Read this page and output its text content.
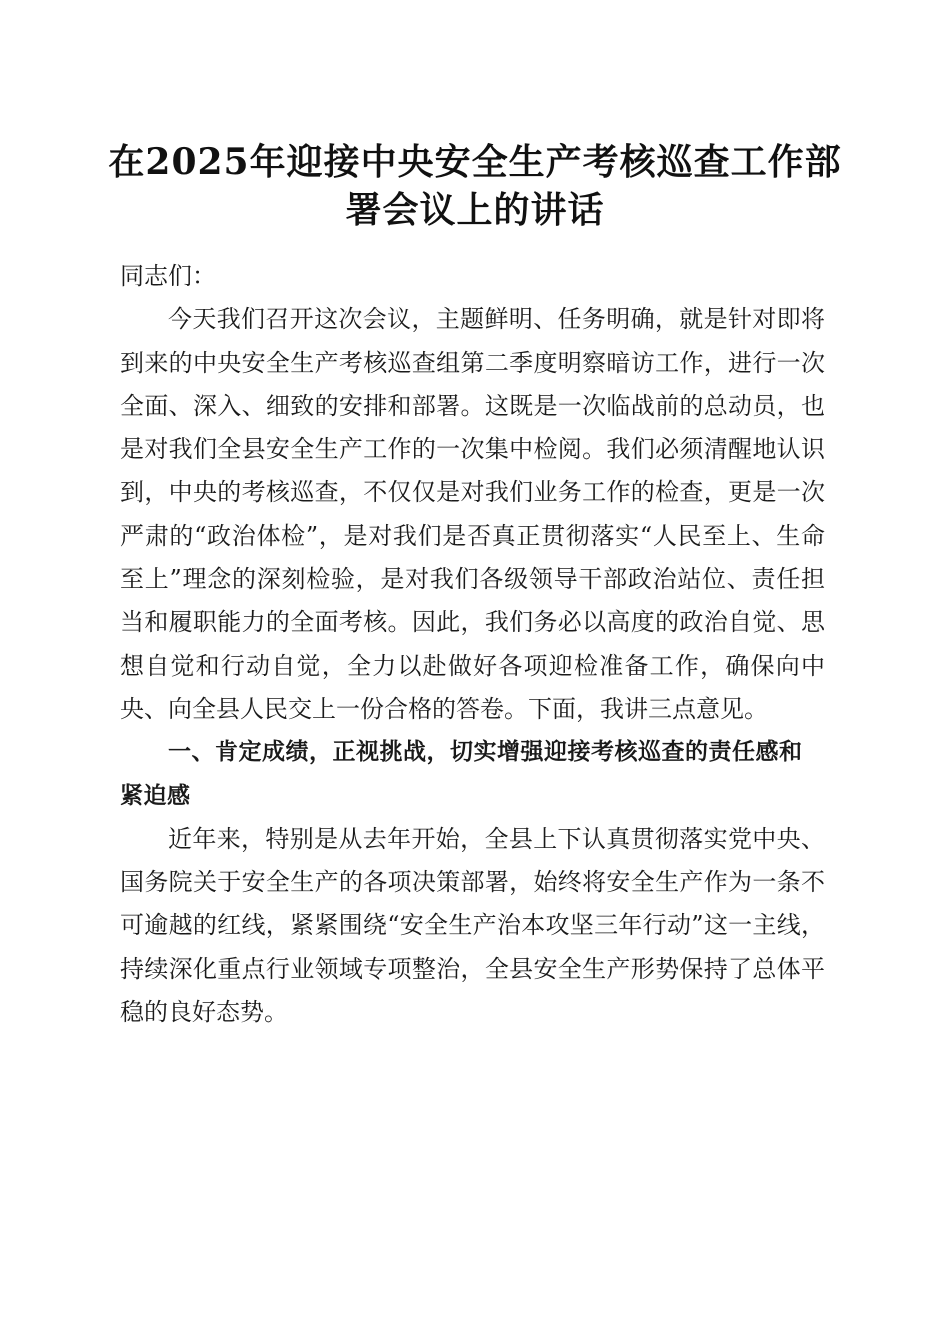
在2025年迎接中央安全生产考核巡查工作部
署会议上的讲话

同志们：

今天我们召开这次会议，主题鲜明、任务明确，就是针对即将到来的中央安全生产考核巡查组第二季度明察暗访工作，进行一次全面、深入、细致的安排和部署。这既是一次临战前的总动员，也是对我们全县安全生产工作的一次集中检阅。我们必须清醒地认识到，中央的考核巡查，不仅仅是对我们业务工作的检查，更是一次严肃的“政治体检”，是对我们是否真正贯彻落实“人民至上、生命至上”理念的深刻检验，是对我们各级领导干部政治站位、责任担当和履职能力的全面考核。因此，我们务必以高度的政治自觉、思想自觉和行动自觉，全力以赴做好各项迎检准备工作，确保向中央、向全县人民交上一份合格的答卷。下面，我讲三点意见。

一、肯定成绩，正视挑战，切实增强迎接考核巡查的责任感和紧迫感

近年来，特别是从去年开始，全县上下认真贯彻落实党中央、国务院关于安全生产的各项决策部署，始终将安全生产作为一条不可逾越的红线，紧紧围绕“安全生产治本攻坚三年行动”这一主线，持续深化重点行业领域专项整治，全县安全生产形势保持了总体平稳的良好态势。
